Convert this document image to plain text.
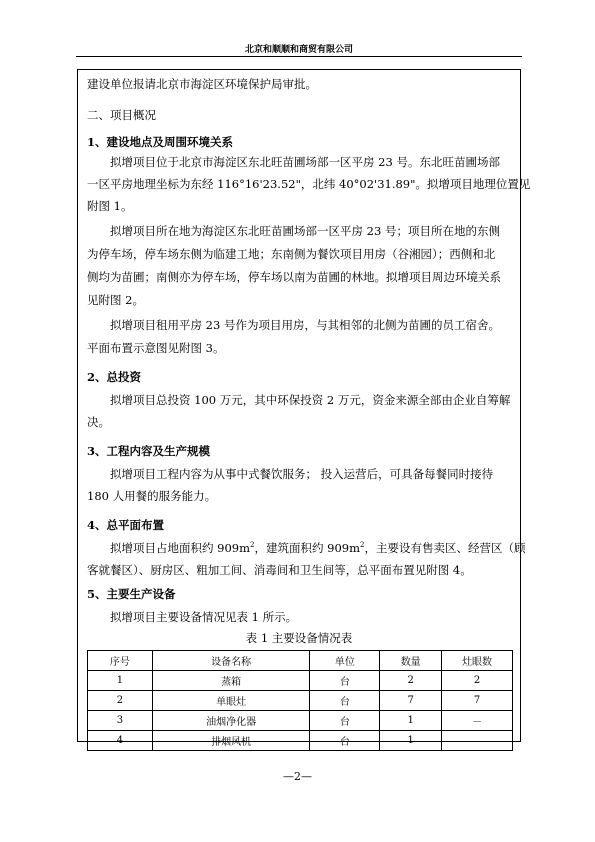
北京和顺顺和商贸有限公司
建设单位报请北京市海淀区环境保护局审批。
二、项目概况
1、建设地点及周围环境关系
拟增项目位于北京市海淀区东北旺苗圃场部一区平房 23 号。东北旺苗圃场部
一区平房地理坐标为东经 116°16'23.52"，北纬 40°02'31.89"。拟增项目地理位置见
附图 1。
拟增项目所在地为海淀区东北旺苗圃场部一区平房 23 号；项目所在地的东侧
为停车场，停车场东侧为临建工地；东南侧为餐饮项目用房（谷湘园）；西侧和北
侧均为苗圃；南侧亦为停车场，停车场以南为苗圃的林地。拟增项目周边环境关系
见附图 2。
拟增项目租用平房 23 号作为项目用房，与其相邻的北侧为苗圃的员工宿舍。
平面布置示意图见附图 3。
2、总投资
拟增项目总投资 100 万元，其中环保投资 2 万元，资金来源全部由企业自筹解
决。
3、工程内容及生产规模
拟增项目工程内容为从事中式餐饮服务； 投入运营后，可具备每餐同时接待
180 人用餐的服务能力。
4、总平面布置
拟增项目占地面积约 $909m^2$，建筑面积约 $909m^2$，主要设有售卖区、经营区（顾
客就餐区）、厨房区、粗加工间、消毒间和卫生间等，总平面布置见附图 4。
5、主要生产设备
拟增项目主要设备情况见表 1 所示。
表 1 主要设备情况表
序号	设备名称	单位	数量	灶眼数
1	蒸箱	台	2	2
2	单眼灶	台	7	7
3	油烟净化器	台	1	－
4	排烟风机	台	1	
—2—
